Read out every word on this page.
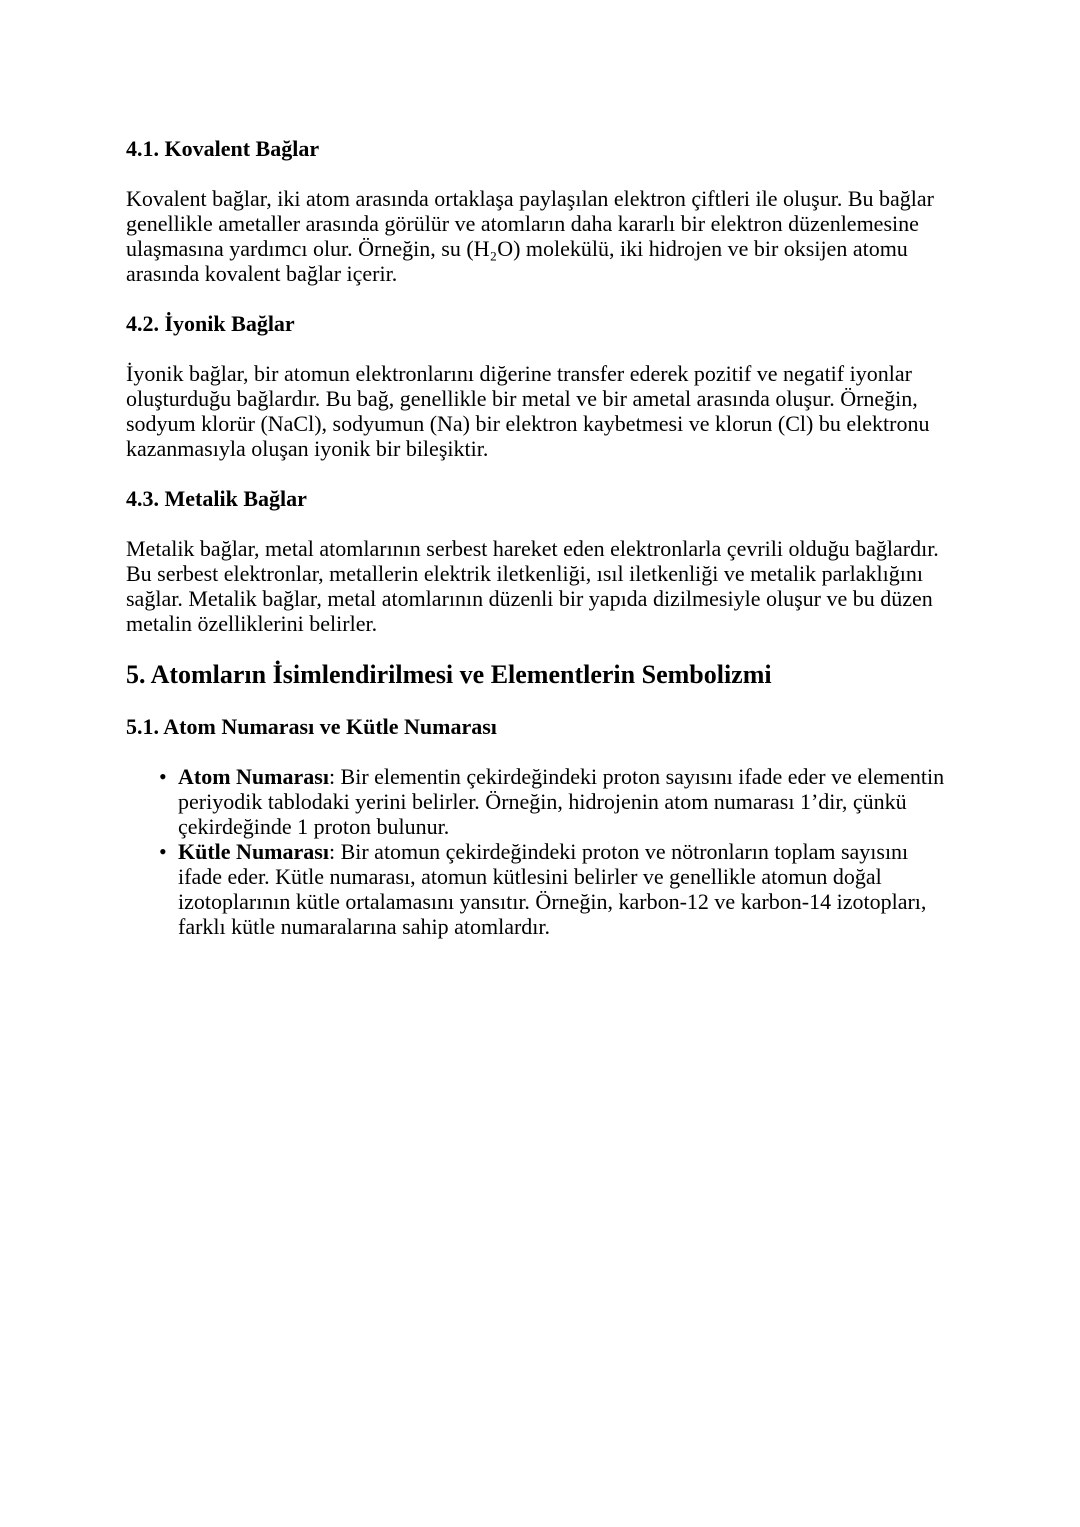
4.1. Kovalent Bağlar

Kovalent bağlar, iki atom arasında ortaklaşa paylaşılan elektron çiftleri ile oluşur. Bu bağlar genellikle ametaller arasında görülür ve atomların daha kararlı bir elektron düzenlemesine ulaşmasına yardımcı olur. Örneğin, su (H₂O) molekülü, iki hidrojen ve bir oksijen atomu arasında kovalent bağlar içerir.

4.2. İyonik Bağlar

İyonik bağlar, bir atomun elektronlarını diğerine transfer ederek pozitif ve negatif iyonlar oluşturduğu bağlardır. Bu bağ, genellikle bir metal ve bir ametal arasında oluşur. Örneğin, sodyum klorür (NaCl), sodyumun (Na) bir elektron kaybetmesi ve klorun (Cl) bu elektronu kazanmasıyla oluşan iyonik bir bileşiktir.

4.3. Metalik Bağlar

Metalik bağlar, metal atomlarının serbest hareket eden elektronlarla çevrili olduğu bağlardır. Bu serbest elektronlar, metallerin elektrik iletkenliği, ısıl iletkenliği ve metalik parlaklığını sağlar. Metalik bağlar, metal atomlarının düzenli bir yapıda dizilmesiyle oluşur ve bu düzen metalin özelliklerini belirler.

5. Atomların İsimlendirilmesi ve Elementlerin Sembolizmi
5.1. Atom Numarası ve Kütle Numarası
• Atom Numarası: Bir elementin çekirdeğindeki proton sayısını ifade eder ve elementin periyodik tablodaki yerini belirler. Örneğin, hidrojenin atom numarası 1’dir, çünkü çekirdeğinde 1 proton bulunur.
• Kütle Numarası: Bir atomun çekirdeğindeki proton ve nötronların toplam sayısını ifade eder. Kütle numarası, atomun kütlesini belirler ve genellikle atomun doğal izotoplarının kütle ortalamasını yansıtır. Örneğin, karbon-12 ve karbon-14 izotopları, farklı kütle numaralarına sahip atomlardır.
